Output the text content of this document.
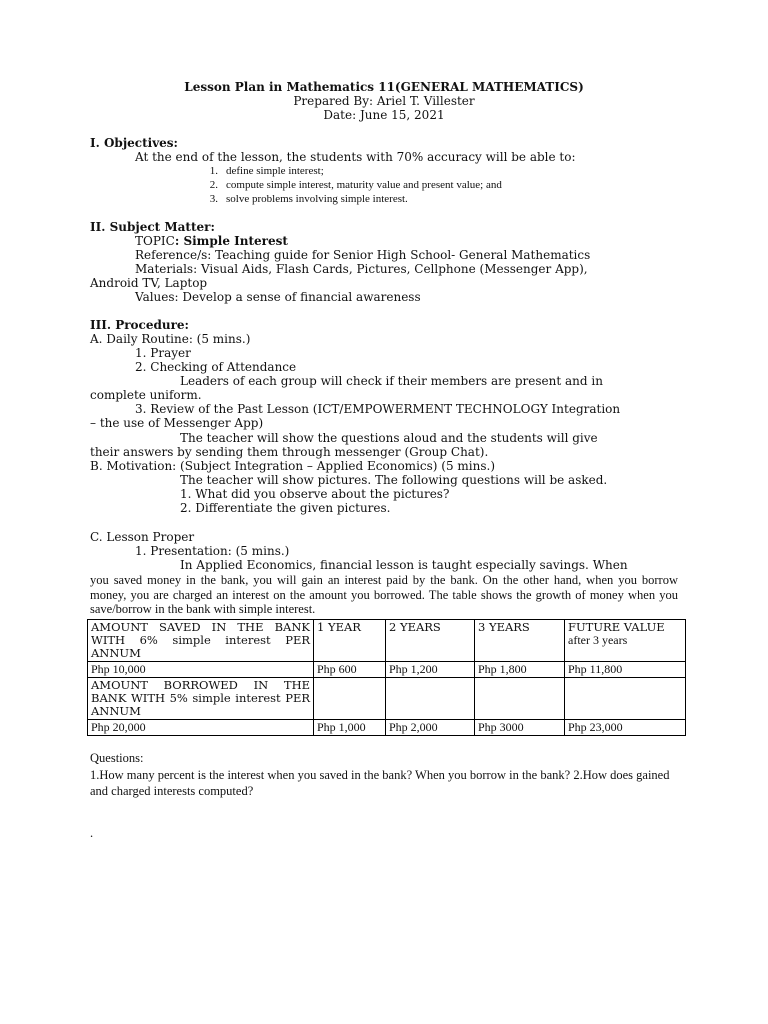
Lesson Plan in Mathematics 11(GENERAL MATHEMATICS)
Prepared By: Ariel T. Villester
Date: June 15, 2021
I. Objectives:
At the end of the lesson, the students with 70% accuracy will be able to:
1. define simple interest;
2. compute simple interest, maturity value and present value; and
3. solve problems involving simple interest.
II. Subject Matter:
TOPIC: Simple Interest
Reference/s: Teaching guide for Senior High School- General Mathematics
Materials: Visual Aids, Flash Cards, Pictures, Cellphone (Messenger App),
Android TV, Laptop
Values: Develop a sense of financial awareness
III. Procedure:
A. Daily Routine: (5 mins.)
1. Prayer
2. Checking of Attendance
Leaders of each group will check if their members are present and in
complete uniform.
3. Review of the Past Lesson (ICT/EMPOWERMENT TECHNOLOGY Integration
– the use of Messenger App)
The teacher will show the questions aloud and the students will give
their answers by sending them through messenger (Group Chat).
B. Motivation: (Subject Integration – Applied Economics) (5 mins.)
The teacher will show pictures. The following questions will be asked.
1. What did you observe about the pictures?
2. Differentiate the given pictures.
C. Lesson Proper
1. Presentation: (5 mins.)
In Applied Economics, financial lesson is taught especially savings. When
you saved money in the bank, you will gain an interest paid by the bank. On the other hand, when you borrow money, you are charged an interest on the amount you borrowed. The table shows the growth of money when you save/borrow in the bank with simple interest.
AMOUNT SAVED IN THE BANK WITH 6% simple interest PER ANNUM	1 YEAR	2 YEARS	3 YEARS	FUTURE VALUE
after 3 years

Php 10,000	Php 600	Php 1,200	Php 1,800	Php 11,800
AMOUNT BORROWED IN THE BANK WITH 5% simple interest PER ANNUM				
Php 20,000	Php 1,000	Php 2,000	Php 3000	Php 23,000
Questions:
1.How many percent is the interest when you saved in the bank? When you borrow in the bank? 2.How does gained and charged interests computed?
.
